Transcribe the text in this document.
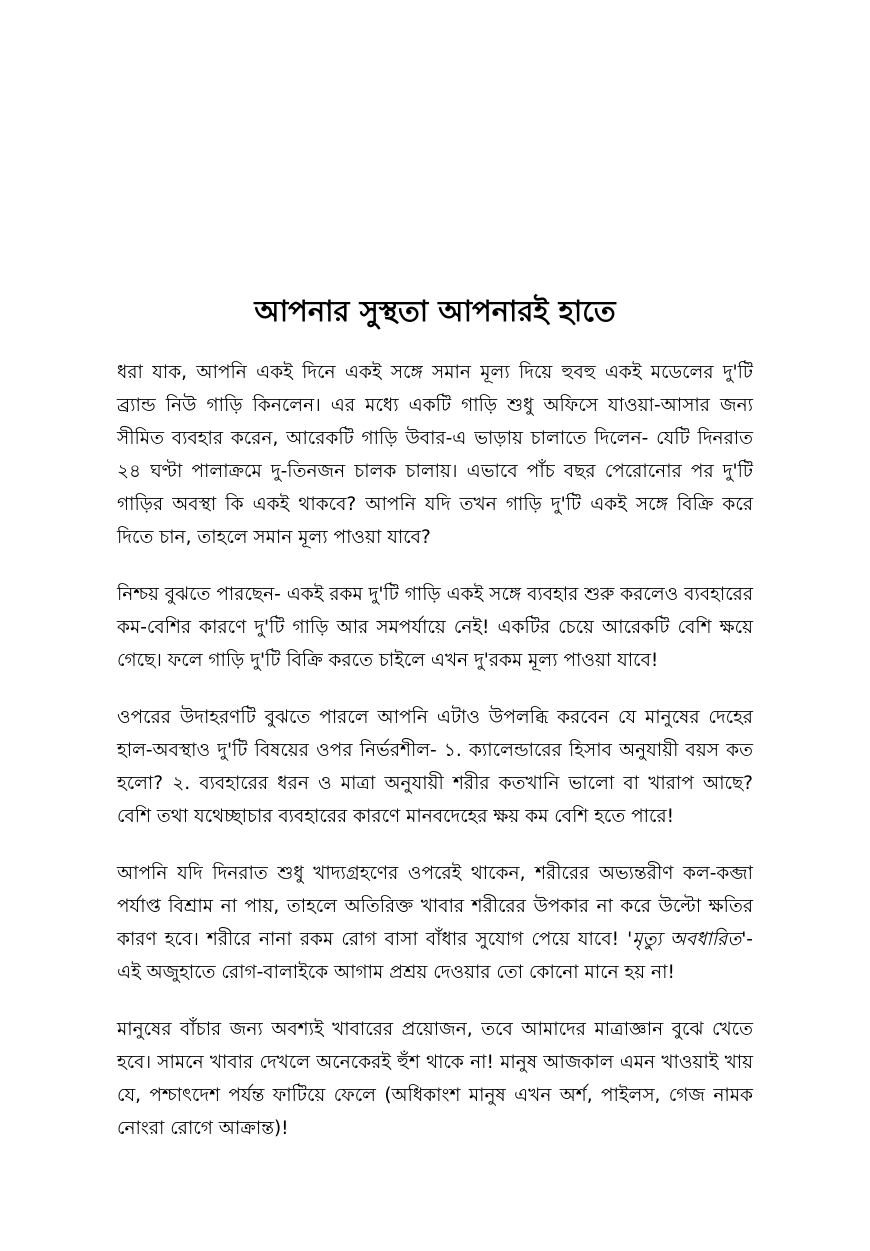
আপনার সুস্থতা আপনারই হাতে

ধরা যাক, আপনি একই দিনে একই সঙ্গে সমান মূল্য দিয়ে হুবহু একই মডেলের দু'টি ব্র্যান্ড নিউ গাড়ি কিনলেন। এর মধ্যে একটি গাড়ি শুধু অফিসে যাওয়া-আসার জন্য সীমিত ব্যবহার করেন, আরেকটি গাড়ি উবার-এ ভাড়ায় চালাতে দিলেন- যেটি দিনরাত ২৪ ঘণ্টা পালাক্রমে দু-তিনজন চালক চালায়। এভাবে পাঁচ বছর পেরোনোর পর দু'টি গাড়ির অবস্থা কি একই থাকবে? আপনি যদি তখন গাড়ি দু'টি একই সঙ্গে বিক্রি করে দিতে চান, তাহলে সমান মূল্য পাওয়া যাবে?

নিশ্চয় বুঝতে পারছেন- একই রকম দু'টি গাড়ি একই সঙ্গে ব্যবহার শুরু করলেও ব্যবহারের কম-বেশির কারণে দু'টি গাড়ি আর সমপর্যায়ে নেই! একটির চেয়ে আরেকটি বেশি ক্ষয়ে গেছে। ফলে গাড়ি দু'টি বিক্রি করতে চাইলে এখন দু'রকম মূল্য পাওয়া যাবে!

ওপরের উদাহরণটি বুঝতে পারলে আপনি এটাও উপলব্ধি করবেন যে মানুষের দেহের হাল-অবস্থাও দু'টি বিষয়ের ওপর নির্ভরশীল- ১. ক্যালেন্ডারের হিসাব অনুযায়ী বয়স কত হলো? ২. ব্যবহারের ধরন ও মাত্রা অনুযায়ী শরীর কতখানি ভালো বা খারাপ আছে? বেশি তথা যথেচ্ছাচার ব্যবহারের কারণে মানবদেহের ক্ষয় কম বেশি হতে পারে!

আপনি যদি দিনরাত শুধু খাদ্যগ্রহণের ওপরেই থাকেন, শরীরের অভ্যন্তরীণ কল-কব্জা পর্যাপ্ত বিশ্রাম না পায়, তাহলে অতিরিক্ত খাবার শরীরের উপকার না করে উল্টো ক্ষতির কারণ হবে। শরীরে নানা রকম রোগ বাসা বাঁধার সুযোগ পেয়ে যাবে! 'মৃত্যু অবধারিত'- এই অজুহাতে রোগ-বালাইকে আগাম প্রশ্রয় দেওয়ার তো কোনো মানে হয় না!

মানুষের বাঁচার জন্য অবশ্যই খাবারের প্রয়োজন, তবে আমাদের মাত্রাজ্ঞান বুঝে খেতে হবে। সামনে খাবার দেখলে অনেকেরই হুঁশ থাকে না! মানুষ আজকাল এমন খাওয়াই খায় যে, পশ্চাৎদেশ পর্যন্ত ফাটিয়ে ফেলে (অধিকাংশ মানুষ এখন অর্শ, পাইলস, গেজ নামক নোংরা রোগে আক্রান্ত)!
